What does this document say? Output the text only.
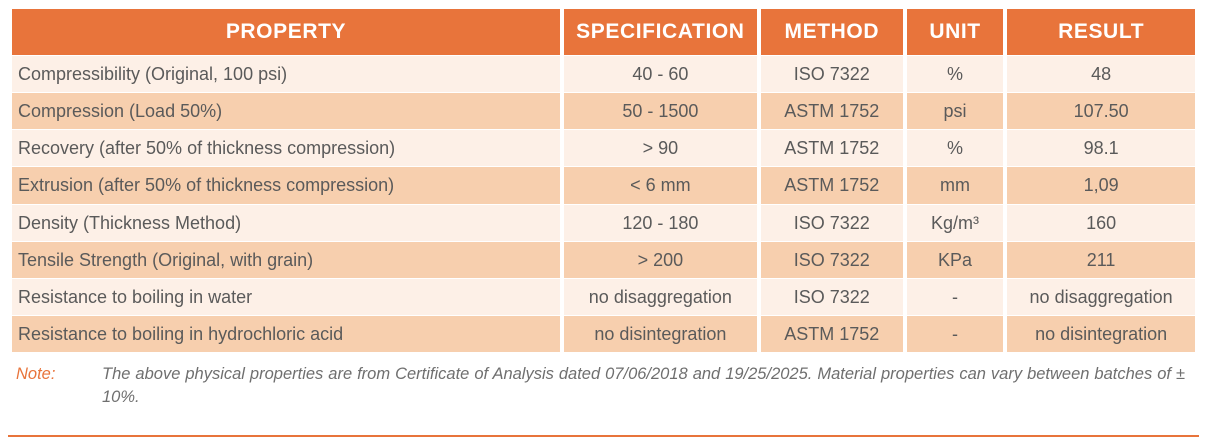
PROPERTY	SPECIFICATION	METHOD	UNIT	RESULT
Compressibility (Original, 100 psi)	40 - 60	ISO 7322	%	48
Compression (Load 50%)	50 - 1500	ASTM 1752	psi	107.50
Recovery (after 50% of thickness compression)	> 90	ASTM 1752	%	98.1
Extrusion (after 50% of thickness compression)	< 6 mm	ASTM 1752	mm	1,09
Density (Thickness Method)	120 - 180	ISO 7322	Kg/m³	160
Tensile Strength (Original, with grain)	> 200	ISO 7322	KPa	211
Resistance to boiling in water	no disaggregation	ISO 7322	-	no disaggregation
Resistance to boiling in hydrochloric acid	no disintegration	ASTM 1752	-	no disintegration
Note:	The above physical properties are from Certificate of Analysis dated 07/06/2018 and 19/25/2025. Material properties can vary between batches of ± 10%.
